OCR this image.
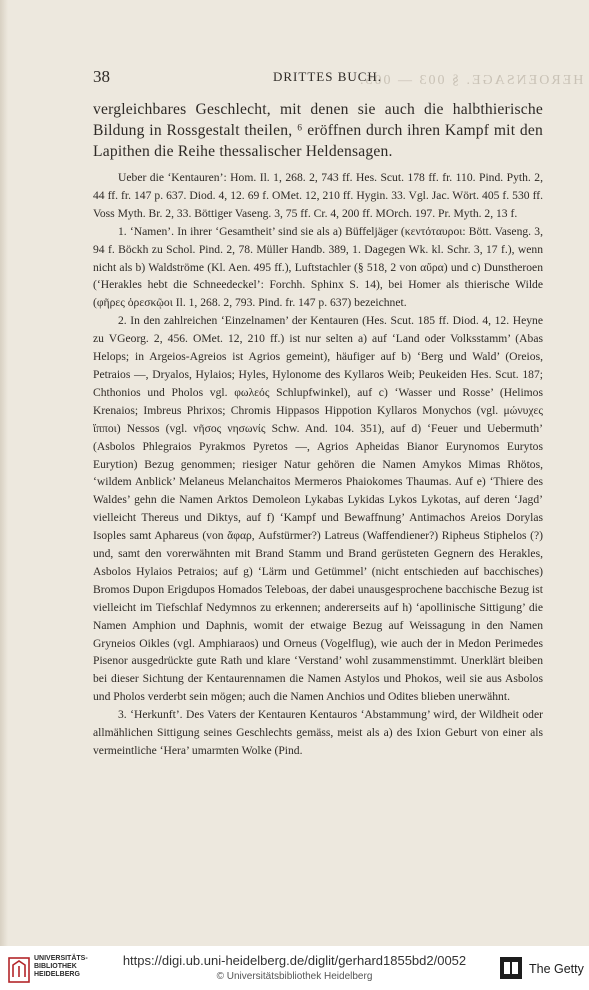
HEROENSAGE. § 003 — 005.
38	DRITTES BUCH.

vergleichbares Geschlecht, mit denen sie auch die halbthierische Bildung in Rossgestalt theilen, ⁶ eröffnen durch ihren Kampf mit den Lapithen die Reihe thessalischer Heldensagen.

Ueber die ‘Kentauren’: Hom. Il. 1, 268. 2, 743 ff. Hes. Scut. 178 ff. fr. 110. Pind. Pyth. 2, 44 ff. fr. 147 p. 637. Diod. 4, 12. 69 f. OMet. 12, 210 ff. Hygin. 33. Vgl. Jac. Wört. 405 f. 530 ff. Voss Myth. Br. 2, 33. Böttiger Vaseng. 3, 75 ff. Cr. 4, 200 ff. MOrch. 197. Pr. Myth. 2, 13 f.

1. ‘Namen’. In ihrer ‘Gesamtheit’ sind sie als a) Büffeljäger (κεντόταυροι: Bött. Vaseng. 3, 94 f. Böckh zu Schol. Pind. 2, 78. Müller Handb. 389, 1. Dagegen Wk. kl. Schr. 3, 17 f.), wenn nicht als b) Waldströme (Kl. Aen. 495 ff.), Luftstachler (§ 518, 2 von αὔρα) und c) Dunstheroen (‘Herakles hebt die Schneedeckel’: Forchh. Sphinx S. 14), bei Homer als thierische Wilde (φῆρες ὀρεσκῷοι Il. 1, 268. 2, 793. Pind. fr. 147 p. 637) bezeichnet.

2. In den zahlreichen ‘Einzelnamen’ der Kentauren (Hes. Scut. 185 ff. Diod. 4, 12. Heyne zu VGeorg. 2, 456. OMet. 12, 210 ff.) ist nur selten a) auf ‘Land oder Volksstamm’ (Abas Helops; in Argeios-Agreios ist Agrios gemeint), häufiger auf b) ‘Berg und Wald’ (Oreios, Petraios —, Dryalos, Hylaios; Hyles, Hylonome des Kyllaros Weib; Peukeiden Hes. Scut. 187; Chthonios und Pholos vgl. φωλεός Schlupfwinkel), auf c) ‘Wasser und Rosse’ (Helimos Krenaios; Imbreus Phrixos; Chromis Hippasos Hippotion Kyllaros Monychos (vgl. μώνυχες ἵπποι) Nessos (vgl. νῆσος νησωνίς Schw. And. 104. 351), auf d) ‘Feuer und Uebermuth’ (Asbolos Phlegraios Pyrakmos Pyretos —, Agrios Apheidas Bianor Eurynomos Eurytos Eurytion) Bezug genommen; riesiger Natur gehören die Namen Amykos Mimas Rhötos, ‘wildem Anblick’ Melaneus Melanchaitos Mermeros Phaiokomes Thaumas. Auf e) ‘Thiere des Waldes’ gehn die Namen Arktos Demoleon Lykabas Lykidas Lykos Lykotas, auf deren ‘Jagd’ vielleicht Thereus und Diktys, auf f) ‘Kampf und Bewaffnung’ Antimachos Areios Dorylas Isoples samt Aphareus (von ἄφαρ, Aufstürmer?) Latreus (Waffendiener?) Ripheus Stiphelos (?) und, samt den vorerwähnten mit Brand Stamm und Brand gerüsteten Gegnern des Herakles, Asbolos Hylaios Petraios; auf g) ‘Lärm und Getümmel’ (nicht entschieden auf bacchisches) Bromos Dupon Erigdupos Homados Teleboas, der dabei unausgesprochene bacchische Bezug ist vielleicht im Tiefschlaf Nedymnos zu erkennen; andererseits auf h) ‘apollinische Sittigung’ die Namen Amphion und Daphnis, womit der etwaige Bezug auf Weissagung in den Namen Gryneios Oikles (vgl. Amphiaraos) und Orneus (Vogelflug), wie auch der in Medon Perimedes Pisenor ausgedrückte gute Rath und klare ‘Verstand’ wohl zusammenstimmt. Unerklärt bleiben bei dieser Sichtung der Kentaurennamen die Namen Astylos und Phokos, weil sie aus Asbolos und Pholos verderbt sein mögen; auch die Namen Anchios und Odites blieben unerwähnt.

3. ‘Herkunft’. Des Vaters der Kentauren Kentauros ‘Abstammung’ wird, der Wildheit oder allmählichen Sittigung seines Geschlechts gemäss, meist als a) des Ixion Geburt von einer als vermeintliche ‘Hera’ umarmten Wolke (Pind.

UNIVERSITÄTS-
BIBLIOTHEK
HEIDELBERG
https://digi.ub.uni-heidelberg.de/diglit/gerhard1855bd2/0052
© Universitätsbibliothek Heidelberg
The Getty
